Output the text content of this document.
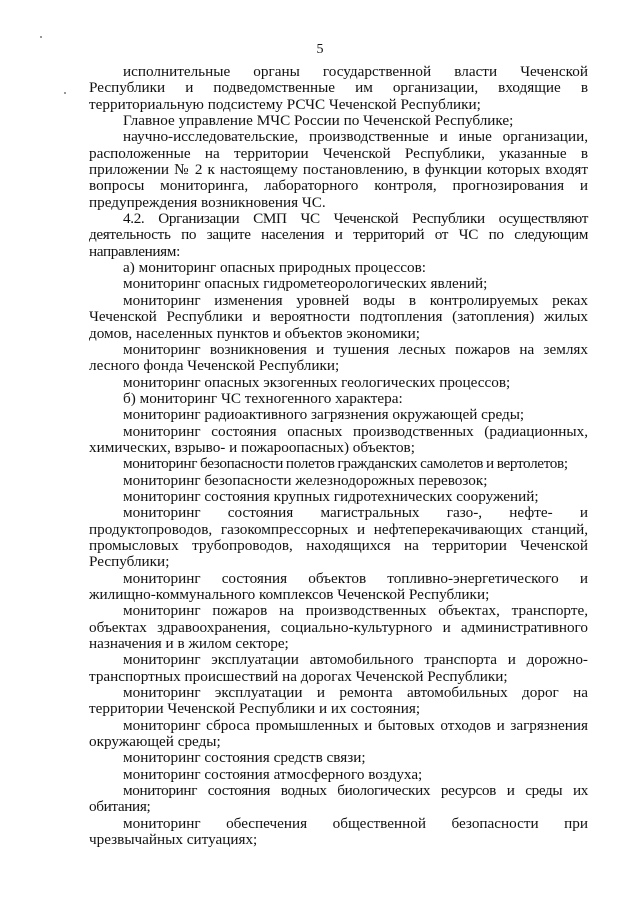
5

исполнительные органы государственной власти Чеченской Республики и подведомственные им организации, входящие в территориальную подсистему РСЧС Чеченской Республики;

Главное управление МЧС России по Чеченской Республике;

научно-исследовательские, производственные и иные организации, расположенные на территории Чеченской Республики, указанные в приложении № 2 к настоящему постановлению, в функции которых входят вопросы мониторинга, лабораторного контроля, прогнозирования и предупреждения возникновения ЧС.

4.2. Организации СМП ЧС Чеченской Республики осуществляют деятельность по защите населения и территорий от ЧС по следующим направлениям:

а) мониторинг опасных природных процессов:

мониторинг опасных гидрометеорологических явлений;

мониторинг изменения уровней воды в контролируемых реках Чеченской Республики и вероятности подтопления (затопления) жилых домов, населенных пунктов и объектов экономики;

мониторинг возникновения и тушения лесных пожаров на землях лесного фонда Чеченской Республики;

мониторинг опасных экзогенных геологических процессов;

б) мониторинг ЧС техногенного характера:

мониторинг радиоактивного загрязнения окружающей среды;

мониторинг состояния опасных производственных (радиационных, химических, взрыво- и пожароопасных) объектов;

мониторинг безопасности полетов гражданских самолетов и вертолетов;

мониторинг безопасности железнодорожных перевозок;

мониторинг состояния крупных гидротехнических сооружений;

мониторинг состояния магистральных газо-, нефте- и продуктопроводов, газокомпрессорных и нефтеперекачивающих станций, промысловых трубопроводов, находящихся на территории Чеченской Республики;

мониторинг состояния объектов топливно-энергетического и жилищно-коммунального комплексов Чеченской Республики;

мониторинг пожаров на производственных объектах, транспорте, объектах здравоохранения, социально-культурного и административного назначения и в жилом секторе;

мониторинг эксплуатации автомобильного транспорта и дорожно-транспортных происшествий на дорогах Чеченской Республики;

мониторинг эксплуатации и ремонта автомобильных дорог на территории Чеченской Республики и их состояния;

мониторинг сброса промышленных и бытовых отходов и загрязнения окружающей среды;

мониторинг состояния средств связи;

мониторинг состояния атмосферного воздуха;

мониторинг состояния водных биологических ресурсов и среды их обитания;

мониторинг обеспечения общественной безопасности при чрезвычайных ситуациях;
